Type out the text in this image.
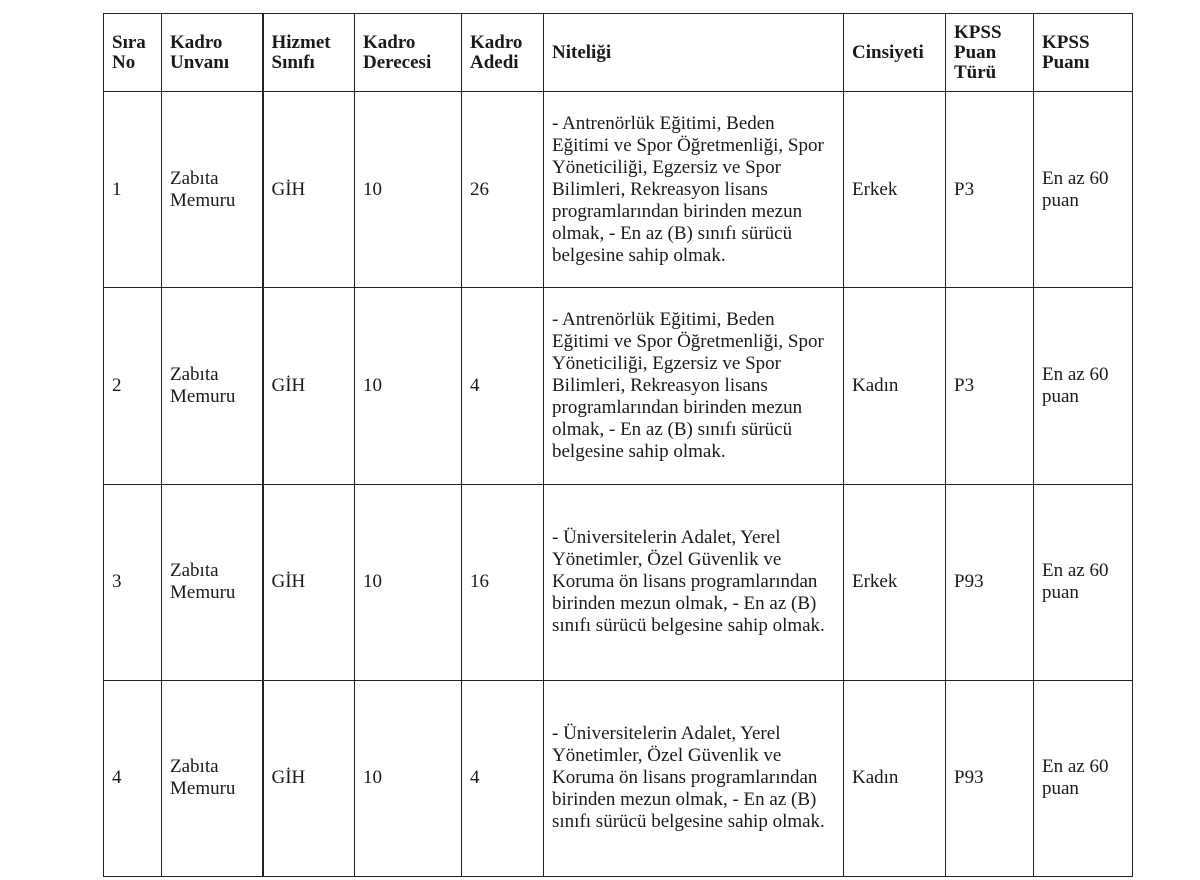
Sıra No	Kadro Unvanı	Hizmet Sınıfı	Kadro Derecesi	Kadro Adedi	Niteliği	Cinsiyeti	KPSS Puan Türü	KPSS Puanı
1	Zabıta Memuru	GİH	10	26	- Antrenörlük Eğitimi, Beden Eğitimi ve Spor Öğretmenliği, Spor Yöneticiliği, Egzersiz ve Spor Bilimleri, Rekreasyon lisans programlarından birinden mezun olmak, - En az (B) sınıfı sürücü belgesine sahip olmak.	Erkek	P3	En az 60 puan
2	Zabıta Memuru	GİH	10	4	- Antrenörlük Eğitimi, Beden Eğitimi ve Spor Öğretmenliği, Spor Yöneticiliği, Egzersiz ve Spor Bilimleri, Rekreasyon lisans programlarından birinden mezun olmak, - En az (B) sınıfı sürücü belgesine sahip olmak.	Kadın	P3	En az 60 puan
3	Zabıta Memuru	GİH	10	16	- Üniversitelerin Adalet, Yerel Yönetimler, Özel Güvenlik ve Koruma ön lisans programlarından birinden mezun olmak, - En az (B) sınıfı sürücü belgesine sahip olmak.	Erkek	P93	En az 60 puan
4	Zabıta Memuru	GİH	10	4	- Üniversitelerin Adalet, Yerel Yönetimler, Özel Güvenlik ve Koruma ön lisans programlarından birinden mezun olmak, - En az (B) sınıfı sürücü belgesine sahip olmak.	Kadın	P93	En az 60 puan
